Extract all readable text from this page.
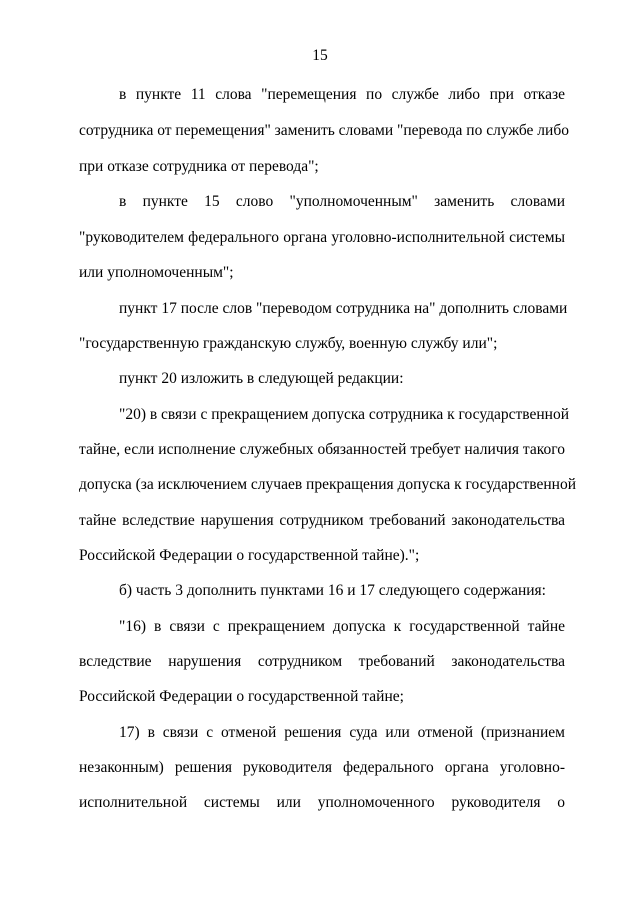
15
в пункте 11 слова "перемещения по службе либо при отказе
сотрудника от перемещения" заменить словами "перевода по службе либо
при отказе сотрудника от перевода";
в пункте 15 слово "уполномоченным" заменить словами
"руководителем федерального органа уголовно-исполнительной системы
или уполномоченным";
пункт 17 после слов "переводом сотрудника на" дополнить словами
"государственную гражданскую службу, военную службу или";
пункт 20 изложить в следующей редакции:
"20) в связи с прекращением допуска сотрудника к государственной
тайне, если исполнение служебных обязанностей требует наличия такого
допуска (за исключением случаев прекращения допуска к государственной
тайне вследствие нарушения сотрудником требований законодательства
Российской Федерации о государственной тайне).";
б) часть 3 дополнить пунктами 16 и 17 следующего содержания:
"16) в связи с прекращением допуска к государственной тайне
вследствие нарушения сотрудником требований законодательства
Российской Федерации о государственной тайне;
17) в связи с отменой решения суда или отменой (признанием
незаконным) решения руководителя федерального органа уголовно-
исполнительной системы или уполномоченного руководителя о
